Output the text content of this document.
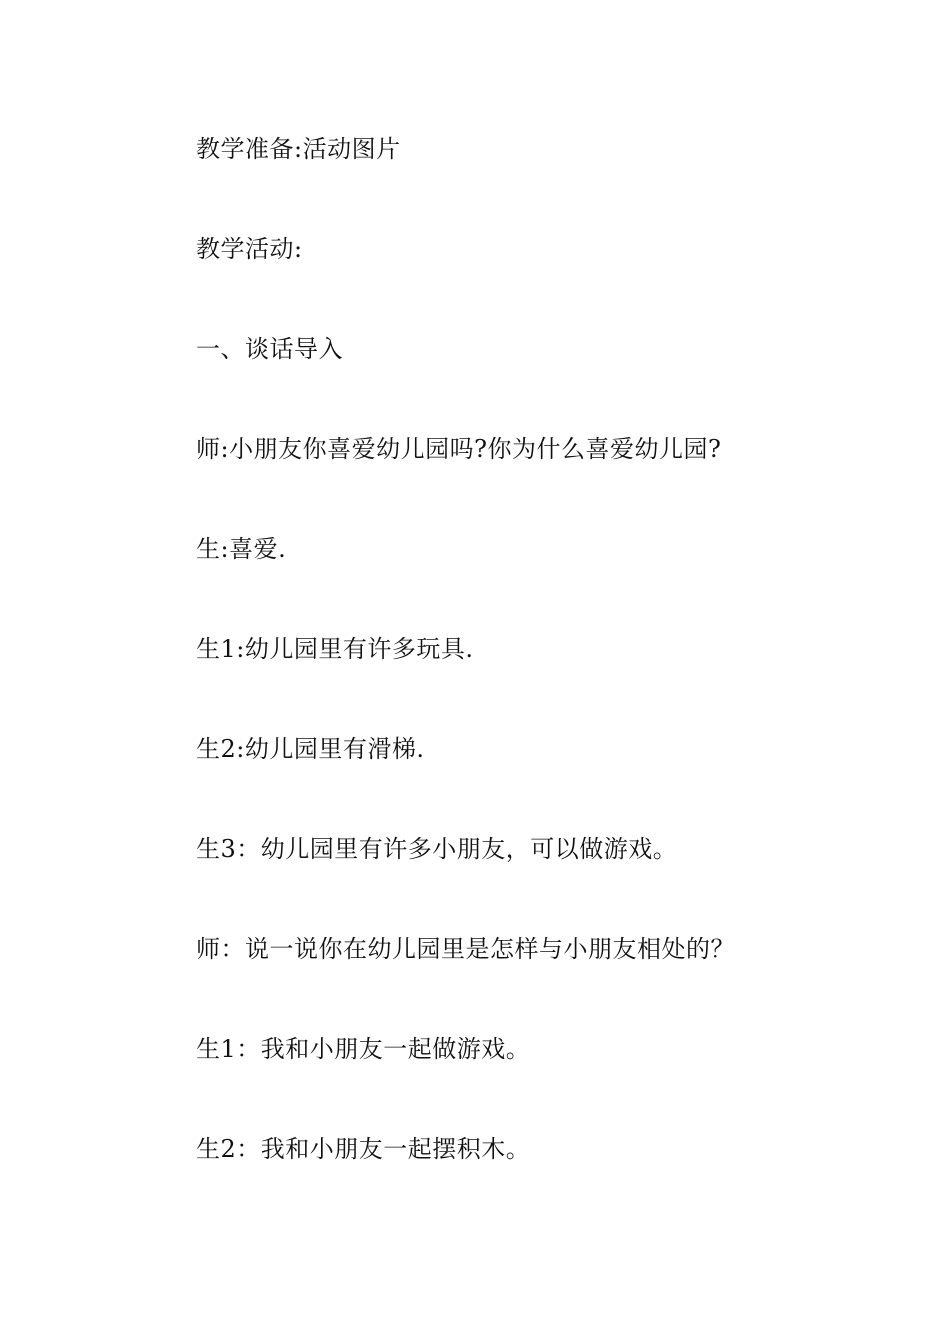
教学准备:活动图片

教学活动:

一、谈话导入

师:小朋友你喜爱幼儿园吗?你为什么喜爱幼儿园?

生:喜爱.

生1:幼儿园里有许多玩具.

生2:幼儿园里有滑梯.

生3：幼儿园里有许多小朋友，可以做游戏。

师：说一说你在幼儿园里是怎样与小朋友相处的？

生1：我和小朋友一起做游戏。

生2：我和小朋友一起摆积木。
